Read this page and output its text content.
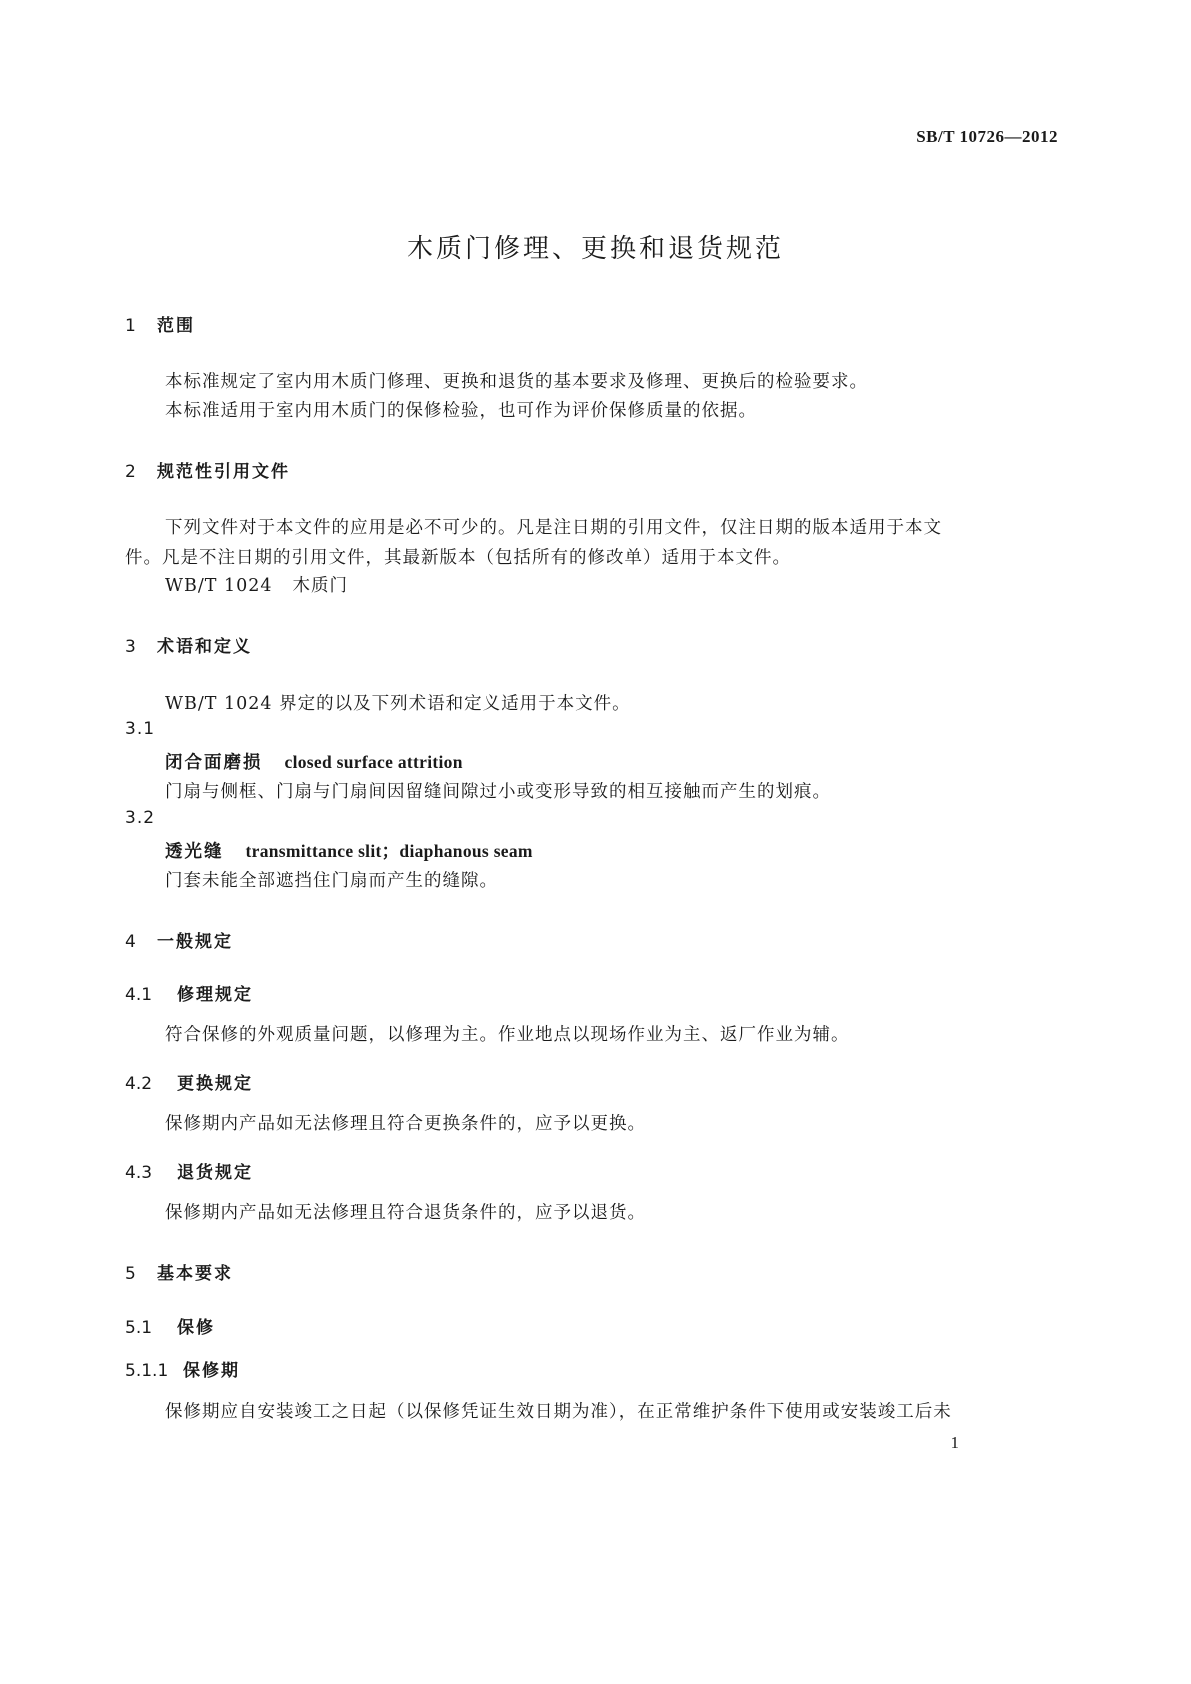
SB/T 10726—2012
木质门修理、更换和退货规范
1 范围
本标准规定了室内用木质门修理、更换和退货的基本要求及修理、更换后的检验要求。
本标准适用于室内用木质门的保修检验，也可作为评价保修质量的依据。
2 规范性引用文件
下列文件对于本文件的应用是必不可少的。凡是注日期的引用文件，仅注日期的版本适用于本文
件。凡是不注日期的引用文件，其最新版本（包括所有的修改单）适用于本文件。
WB/T 1024 木质门
3 术语和定义
WB/T 1024 界定的以及下列术语和定义适用于本文件。
3.1
闭合面磨损 closed surface attrition
门扇与侧框、门扇与门扇间因留缝间隙过小或变形导致的相互接触而产生的划痕。
3.2
透光缝 transmittance slit；diaphanous seam
门套未能全部遮挡住门扇而产生的缝隙。
4 一般规定
4.1 修理规定
符合保修的外观质量问题，以修理为主。作业地点以现场作业为主、返厂作业为辅。
4.2 更换规定
保修期内产品如无法修理且符合更换条件的，应予以更换。
4.3 退货规定
保修期内产品如无法修理且符合退货条件的，应予以退货。
5 基本要求
5.1 保修
5.1.1 保修期
保修期应自安装竣工之日起（以保修凭证生效日期为准），在正常维护条件下使用或安装竣工后未
1
